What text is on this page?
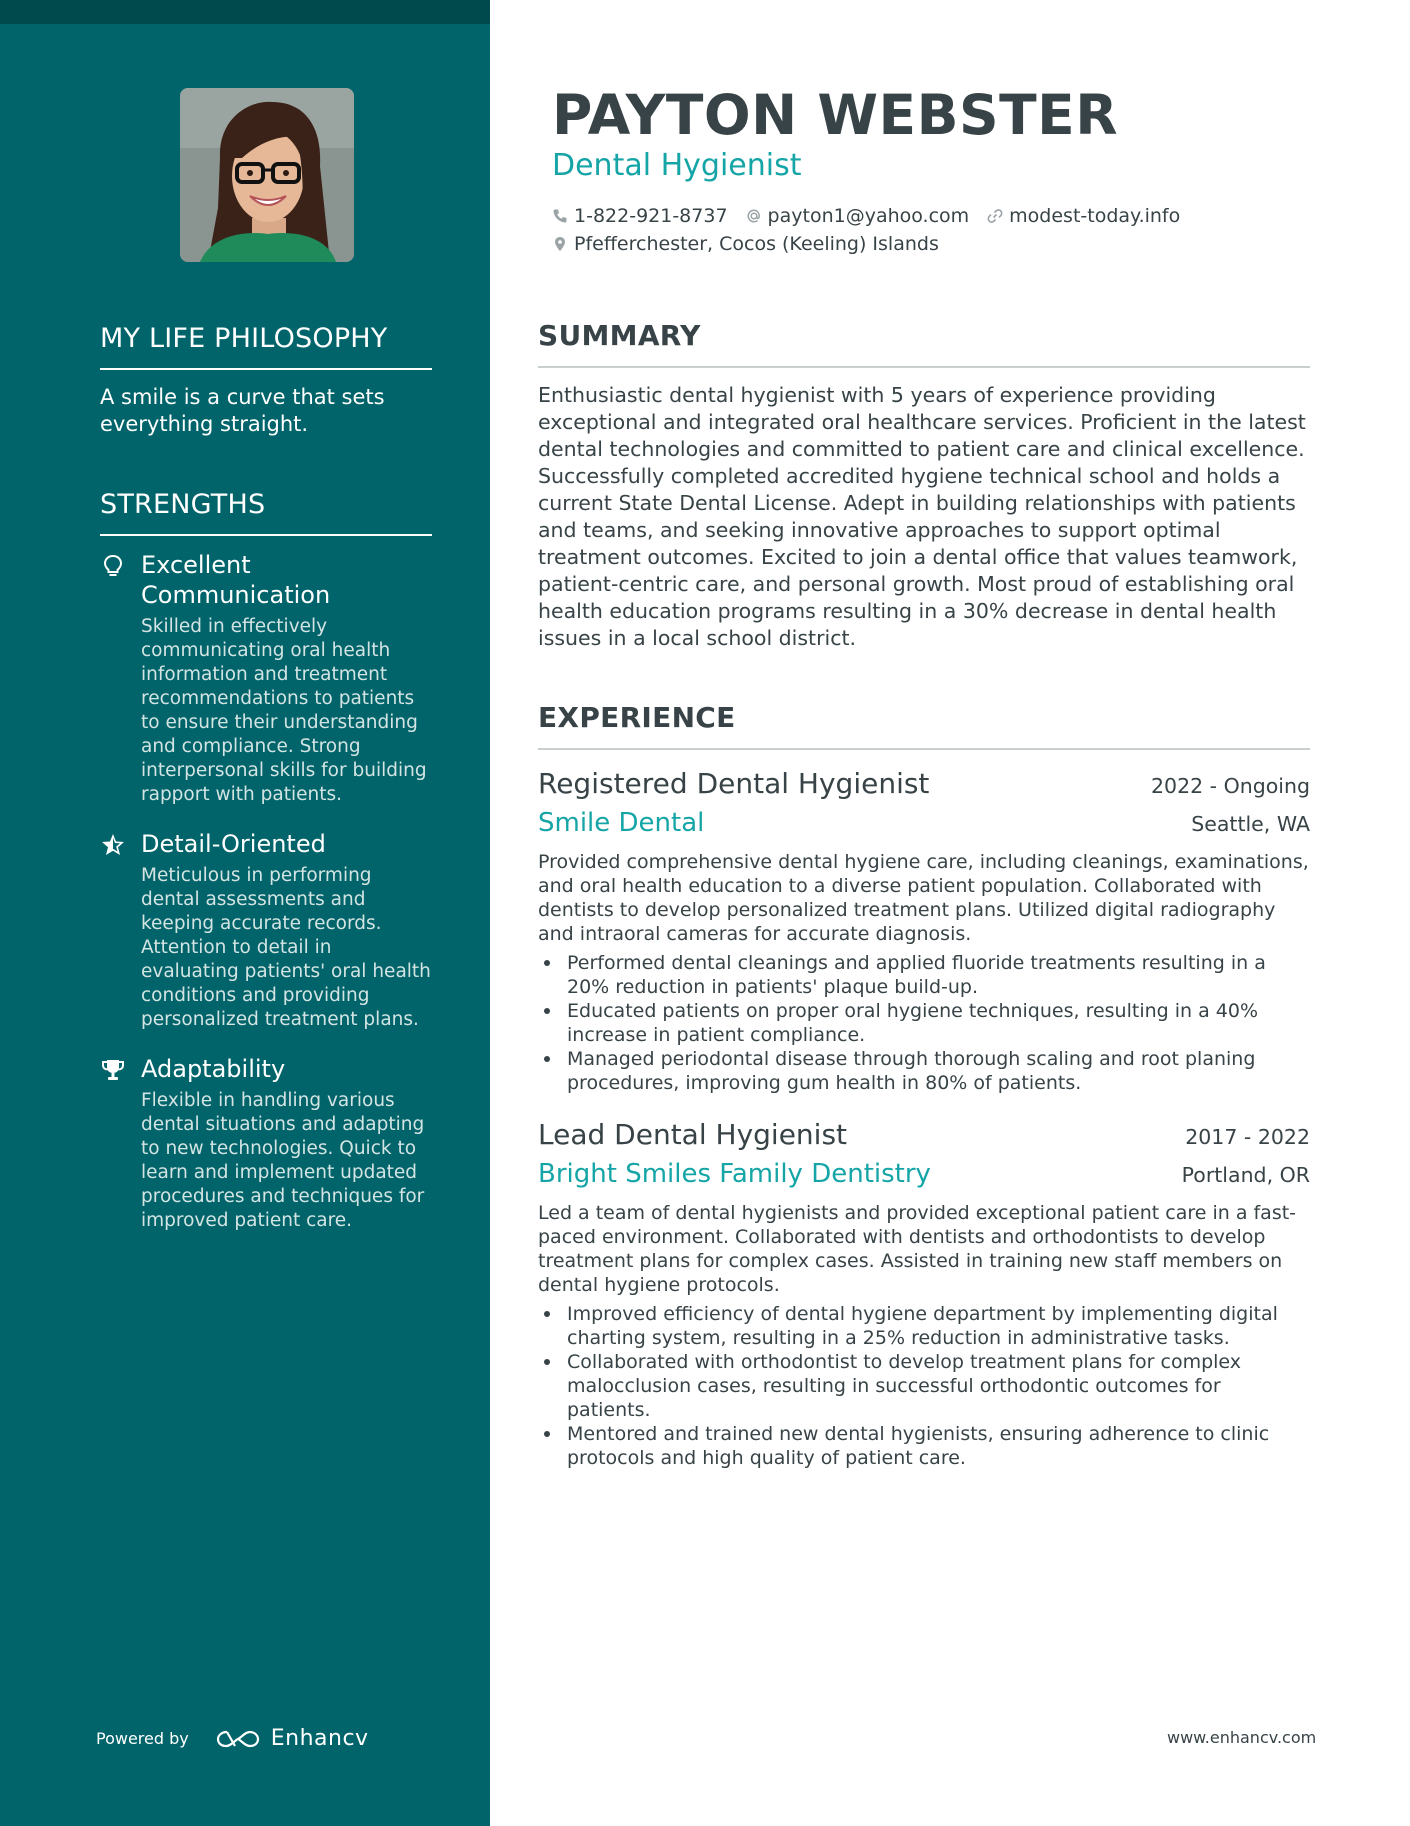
MY LIFE PHILOSOPHY

A smile is a curve that sets everything straight.

STRENGTHS
Excellent Communication
Skilled in effectively communicating oral health information and treatment recommendations to patients to ensure their understanding and compliance. Strong interpersonal skills for building rapport with patients.
Detail-Oriented
Meticulous in performing dental assessments and keeping accurate records. Attention to detail in evaluating patients' oral health conditions and providing personalized treatment plans.
Adaptability
Flexible in handling various dental situations and adapting to new technologies. Quick to learn and implement updated procedures and techniques for improved patient care.
Powered by	Enhancv
PAYTON WEBSTER
Dental Hygienist
1-822-921-8737 payton1@yahoo.com modest-today.info
Pfefferchester, Cocos (Keeling) Islands
SUMMARY

Enthusiastic dental hygienist with 5 years of experience providing exceptional and integrated oral healthcare services. Proficient in the latest dental technologies and committed to patient care and clinical excellence. Successfully completed accredited hygiene technical school and holds a current State Dental License. Adept in building relationships with patients and teams, and seeking innovative approaches to support optimal treatment outcomes. Excited to join a dental office that values teamwork, patient-centric care, and personal growth. Most proud of establishing oral health education programs resulting in a 30% decrease in dental health issues in a local school district.

EXPERIENCE
Registered Dental Hygienist	2022 - Ongoing
Smile Dental	Seattle, WA

Provided comprehensive dental hygiene care, including cleanings, examinations, and oral health education to a diverse patient population. Collaborated with dentists to develop personalized treatment plans. Utilized digital radiography and intraoral cameras for accurate diagnosis.

Performed dental cleanings and applied fluoride treatments resulting in a 20% reduction in patients' plaque build-up.
Educated patients on proper oral hygiene techniques, resulting in a 40% increase in patient compliance.
Managed periodontal disease through thorough scaling and root planing procedures, improving gum health in 80% of patients.
Lead Dental Hygienist	2017 - 2022
Bright Smiles Family Dentistry	Portland, OR

Led a team of dental hygienists and provided exceptional patient care in a fast-paced environment. Collaborated with dentists and orthodontists to develop treatment plans for complex cases. Assisted in training new staff members on dental hygiene protocols.

Improved efficiency of dental hygiene department by implementing digital charting system, resulting in a 25% reduction in administrative tasks.
Collaborated with orthodontist to develop treatment plans for complex malocclusion cases, resulting in successful orthodontic outcomes for patients.
Mentored and trained new dental hygienists, ensuring adherence to clinic protocols and high quality of patient care.
www.enhancv.com
